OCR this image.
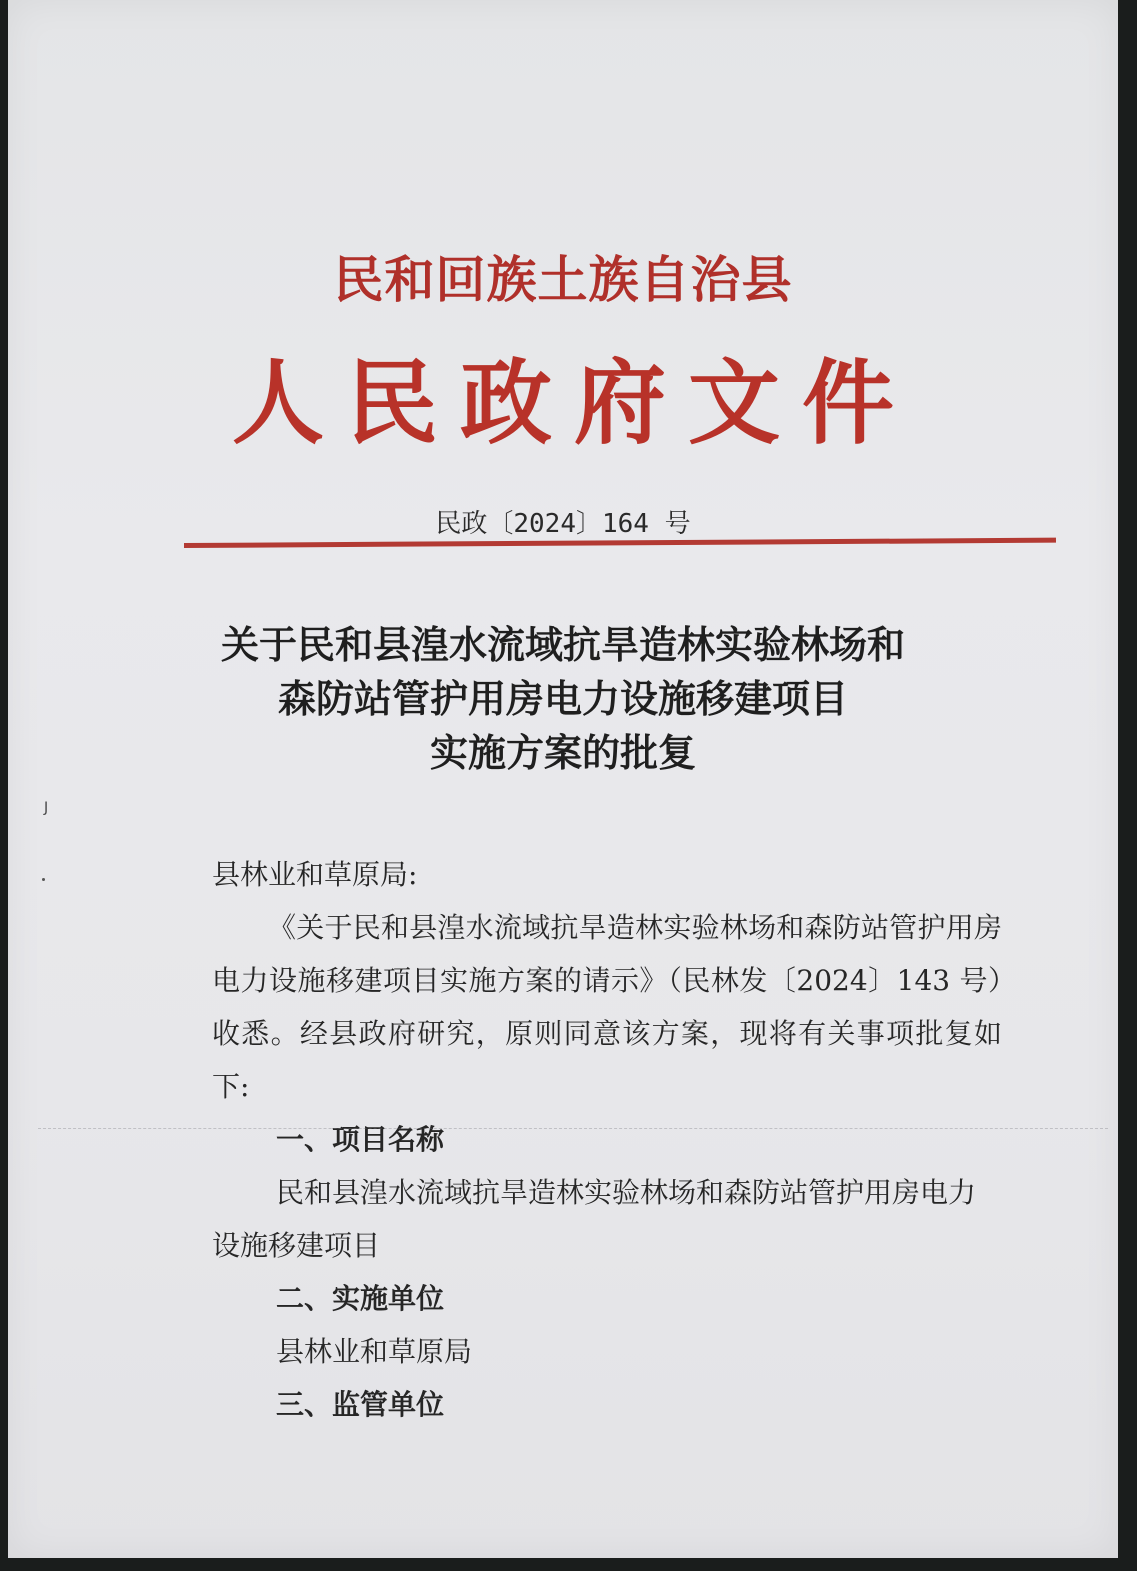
民和回族土族自治县
人民政府文件
民政〔2024〕164 号
关于民和县湟水流域抗旱造林实验林场和
森防站管护用房电力设施移建项目
实施方案的批复
J

县林业和草原局:

《关于民和县湟水流域抗旱造林实验林场和森防站管护用房电力设施移建项目实施方案的请示》（民林发〔2024〕143 号）收悉。经县政府研究，原则同意该方案，现将有关事项批复如下:

一、项目名称

民和县湟水流域抗旱造林实验林场和森防站管护用房电力设施移建项目

二、实施单位

县林业和草原局

三、监管单位
